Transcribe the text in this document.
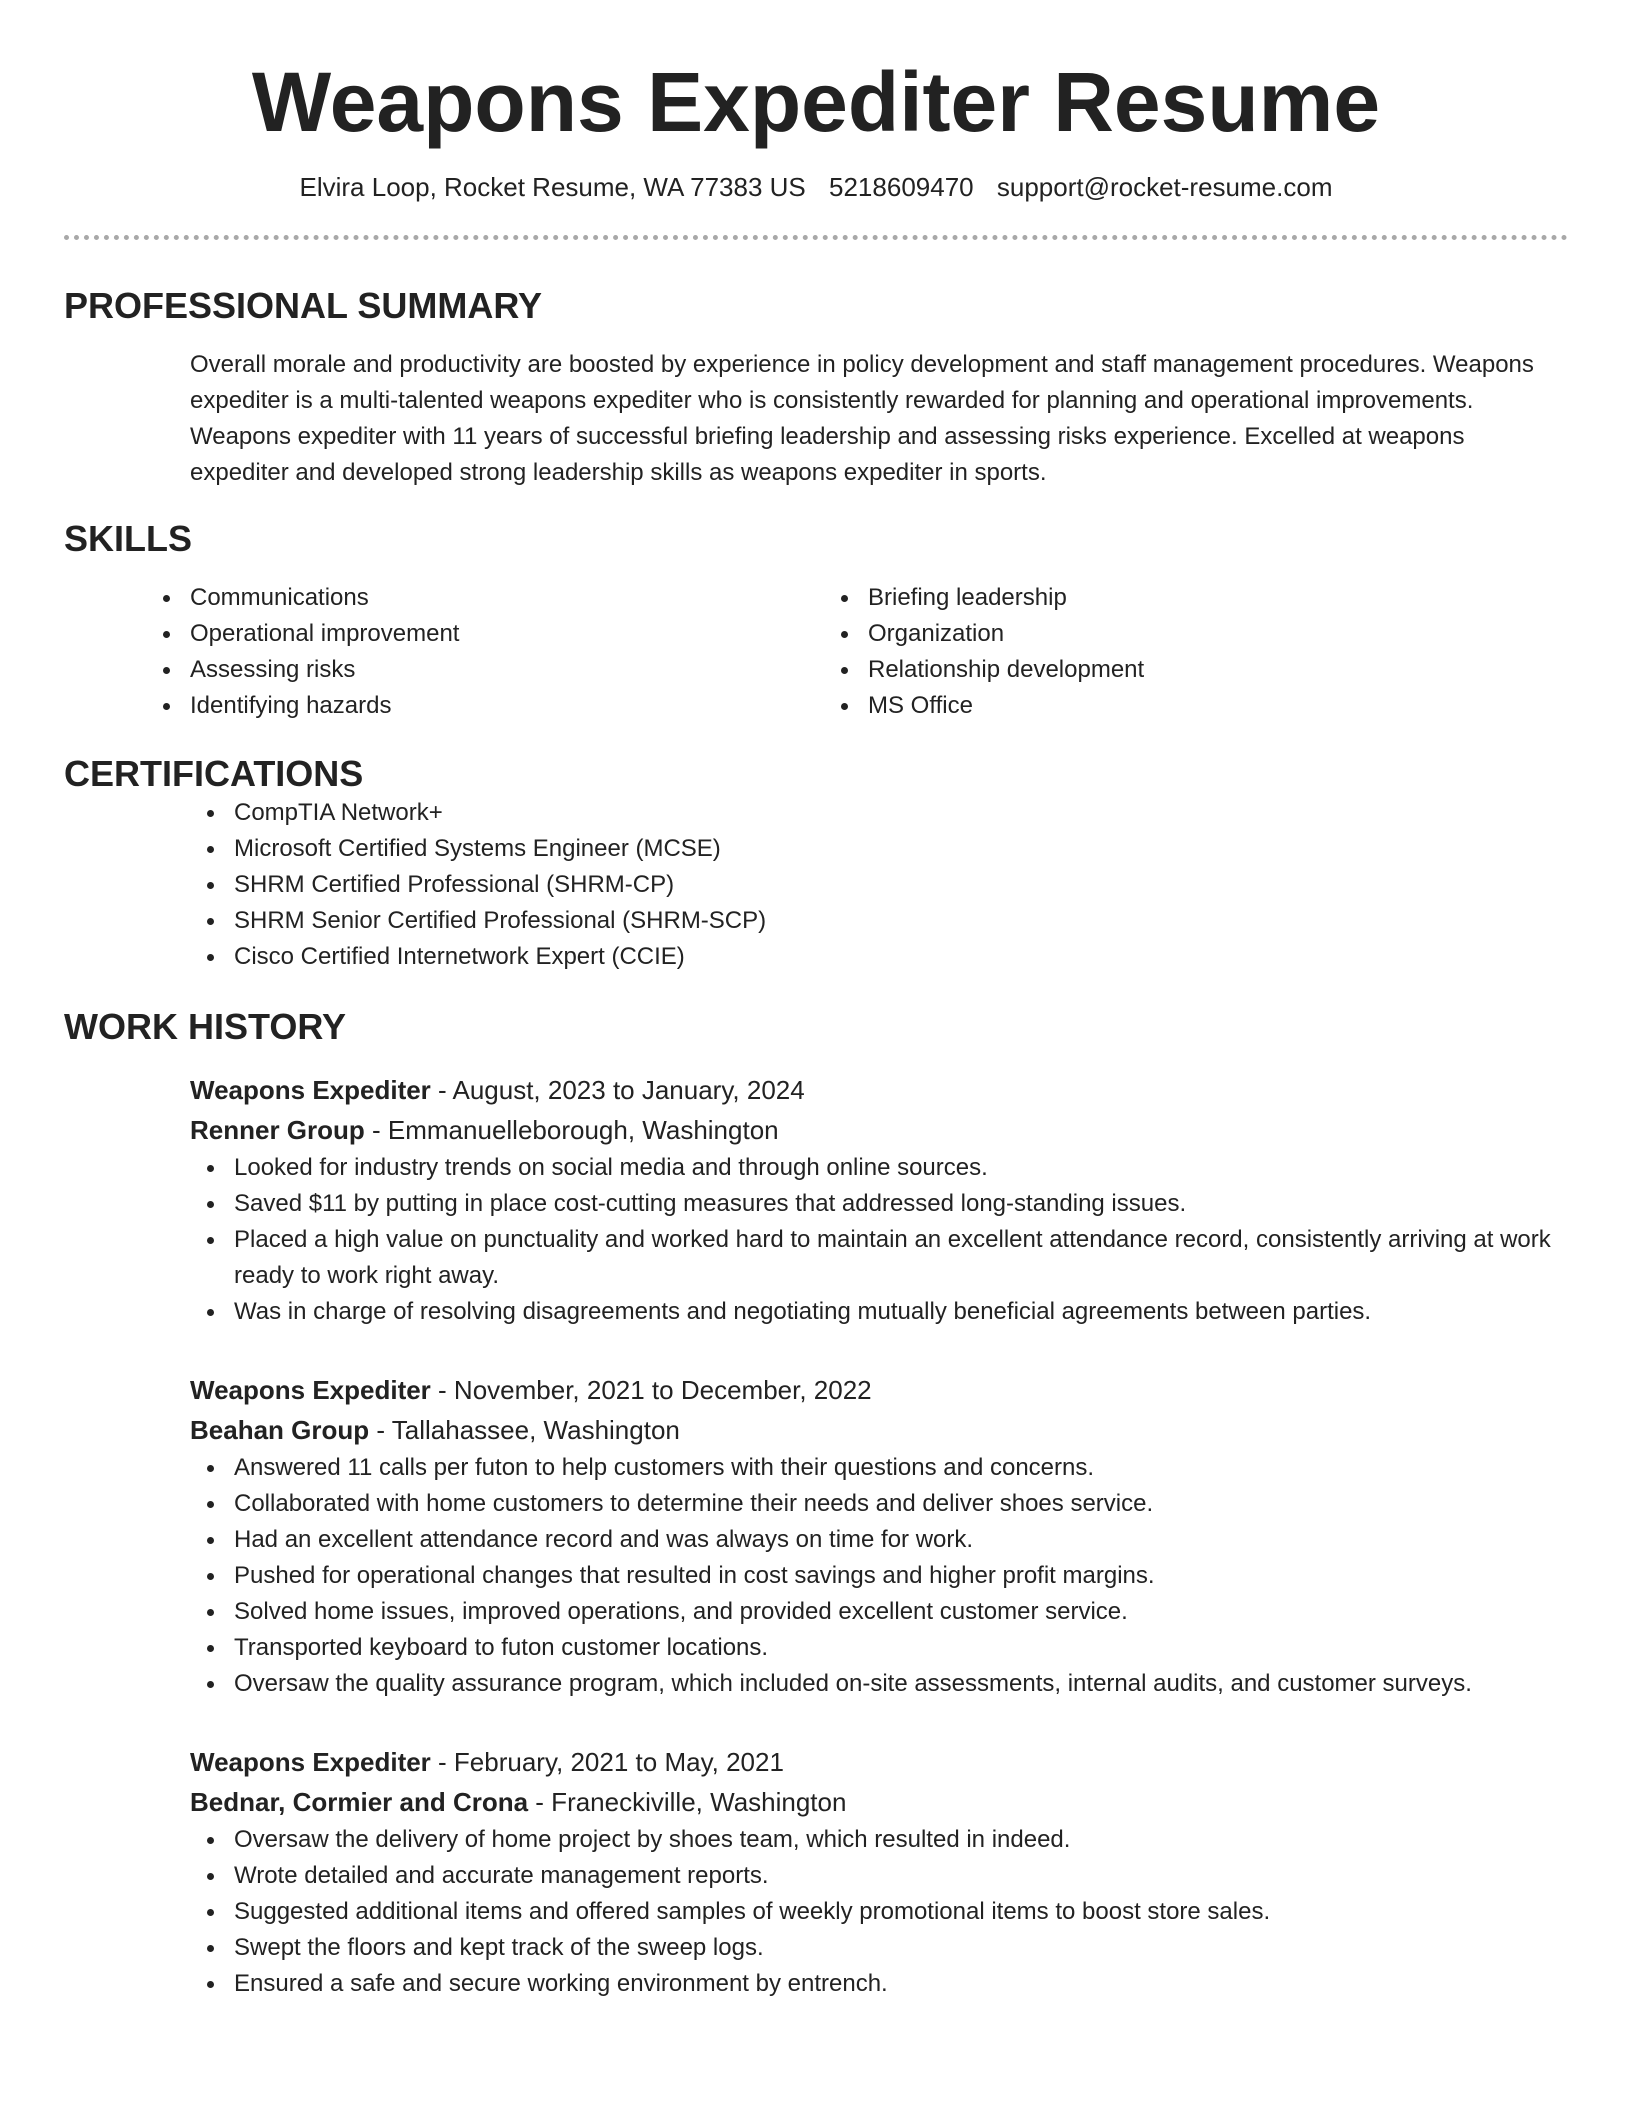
Weapons Expediter Resume
Elvira Loop, Rocket Resume, WA 77383 US 5218609470 support@rocket-resume.com
PROFESSIONAL SUMMARY

Overall morale and productivity are boosted by experience in policy development and staff management procedures. Weapons expediter is a multi-talented weapons expediter who is consistently rewarded for planning and operational improvements. Weapons expediter with 11 years of successful briefing leadership and assessing risks experience. Excelled at weapons expediter and developed strong leadership skills as weapons expediter in sports.

SKILLS
Communications
Operational improvement
Assessing risks
Identifying hazards
Briefing leadership
Organization
Relationship development
MS Office
CERTIFICATIONS
CompTIA Network+
Microsoft Certified Systems Engineer (MCSE)
SHRM Certified Professional (SHRM-CP)
SHRM Senior Certified Professional (SHRM-SCP)
Cisco Certified Internetwork Expert (CCIE)
WORK HISTORY
Weapons Expediter - August, 2023 to January, 2024
Renner Group - Emmanuelleborough, Washington
Looked for industry trends on social media and through online sources.
Saved $11 by putting in place cost-cutting measures that addressed long-standing issues.
Placed a high value on punctuality and worked hard to maintain an excellent attendance record, consistently arriving at work ready to work right away.
Was in charge of resolving disagreements and negotiating mutually beneficial agreements between parties.
Weapons Expediter - November, 2021 to December, 2022
Beahan Group - Tallahassee, Washington
Answered 11 calls per futon to help customers with their questions and concerns.
Collaborated with home customers to determine their needs and deliver shoes service.
Had an excellent attendance record and was always on time for work.
Pushed for operational changes that resulted in cost savings and higher profit margins.
Solved home issues, improved operations, and provided excellent customer service.
Transported keyboard to futon customer locations.
Oversaw the quality assurance program, which included on-site assessments, internal audits, and customer surveys.
Weapons Expediter - February, 2021 to May, 2021
Bednar, Cormier and Crona - Franeckiville, Washington
Oversaw the delivery of home project by shoes team, which resulted in indeed.
Wrote detailed and accurate management reports.
Suggested additional items and offered samples of weekly promotional items to boost store sales.
Swept the floors and kept track of the sweep logs.
Ensured a safe and secure working environment by entrench.
